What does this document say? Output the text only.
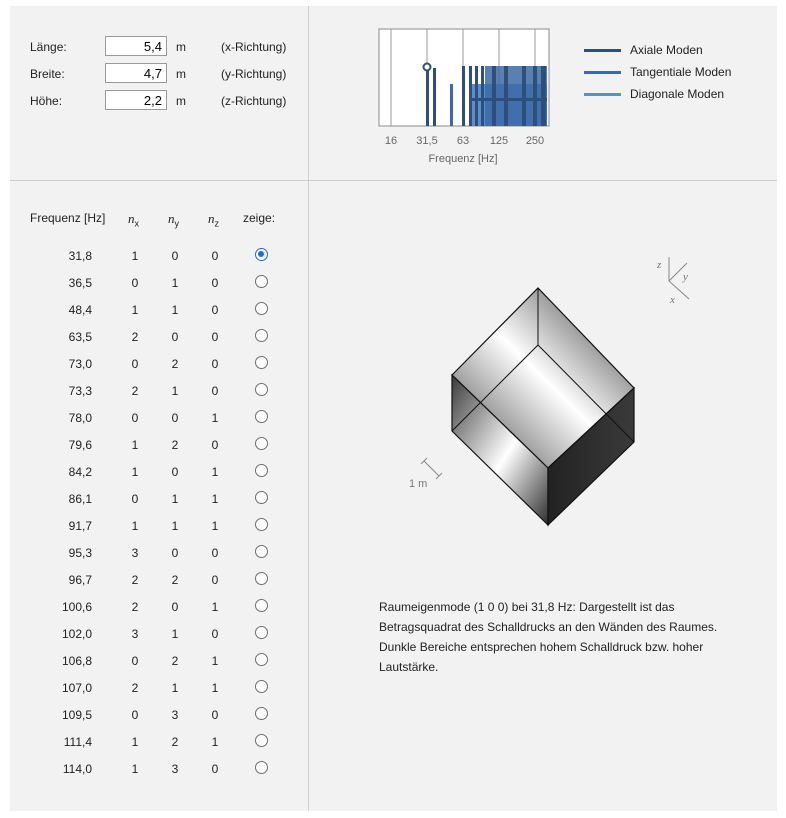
Länge:
5,4	m	(x-Richtung)
Breite:
4,7	m	(y-Richtung)
Höhe:
2,2	m	(z-Richtung)
16 31,5 63 125 250
Frequenz [Hz]
Axiale Moden
Tangentiale Moden
Diagonale Moden
Frequenz [Hz] $n_x$ $n_y$ $n_z$ zeige:
31,8	1	0	0
36,5	0	1	0
48,4	1	1	0
63,5	2	0	0
73,0	0	2	0
73,3	2	1	0
78,0	0	0	1
79,6	1	2	0
84,2	1	0	1
86,1	0	1	1
91,7	1	1	1
95,3	3	0	0
96,7	2	2	0
100,6	2	0	1
102,0	3	1	0
106,8	0	2	1
107,0	2	1	1
109,5	0	3	0
111,4	1	2	1
114,0	1	3	0
z
y
x
1 m
Raumeigenmode (1 0 0) bei 31,8 Hz: Dargestellt ist das Betragsquadrat des Schalldrucks an den Wänden des Raumes. Dunkle Bereiche entsprechen hohem Schalldruck bzw. hoher Lautstärke.
